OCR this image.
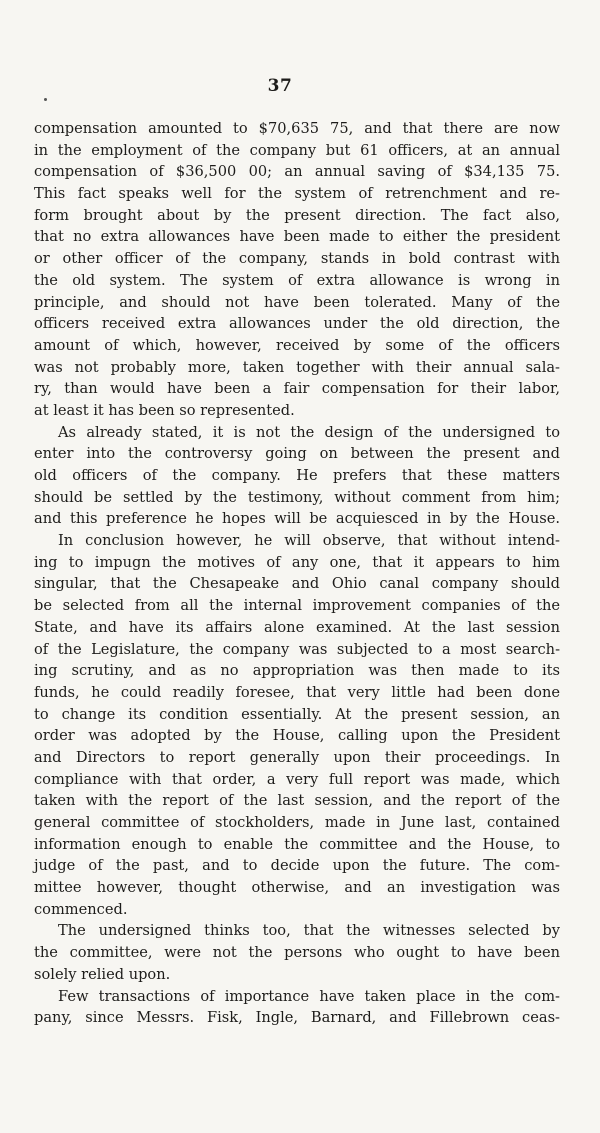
37
compensation amounted to $70,635 75, and that there are now
in the employment of the company but 61 officers, at an annual
compensation of $36,500 00; an annual saving of $34,135 75.
This fact speaks well for the system of retrenchment and re-
form brought about by the present direction. The fact also,
that no extra allowances have been made to either the president
or other officer of the company, stands in bold contrast with
the old system. The system of extra allowance is wrong in
principle, and should not have been tolerated. Many of the
officers received extra allowances under the old direction, the
amount of which, however, received by some of the officers
was not probably more, taken together with their annual sala-
ry, than would have been a fair compensation for their labor,
at least it has been so represented.
As already stated, it is not the design of the undersigned to
enter into the controversy going on between the present and
old officers of the company. He prefers that these matters
should be settled by the testimony, without comment from him;
and this preference he hopes will be acquiesced in by the House.
In conclusion however, he will observe, that without intend-
ing to impugn the motives of any one, that it appears to him
singular, that the Chesapeake and Ohio canal company should
be selected from all the internal improvement companies of the
State, and have its affairs alone examined. At the last session
of the Legislature, the company was subjected to a most search-
ing scrutiny, and as no appropriation was then made to its
funds, he could readily foresee, that very little had been done
to change its condition essentially. At the present session, an
order was adopted by the House, calling upon the President
and Directors to report generally upon their proceedings. In
compliance with that order, a very full report was made, which
taken with the report of the last session, and the report of the
general committee of stockholders, made in June last, contained
information enough to enable the committee and the House, to
judge of the past, and to decide upon the future. The com-
mittee however, thought otherwise, and an investigation was
commenced.
The undersigned thinks too, that the witnesses selected by
the committee, were not the persons who ought to have been
solely relied upon.
Few transactions of importance have taken place in the com-
pany, since Messrs. Fisk, Ingle, Barnard, and Fillebrown ceas-
